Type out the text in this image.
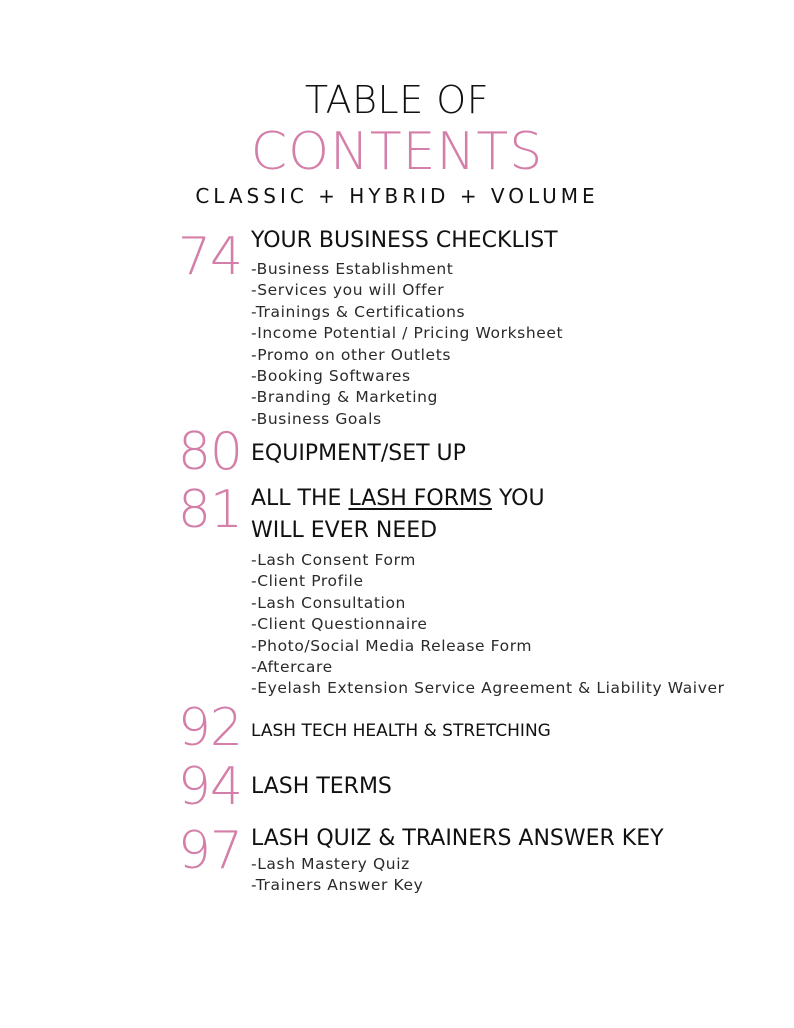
TABLE OF
CONTENTS
CLASSIC + HYBRID + VOLUME
74 YOUR BUSINESS CHECKLIST
-Business Establishment
-Services you will Offer
-Trainings & Certifications
-Income Potential / Pricing Worksheet
-Promo on other Outlets
-Booking Softwares
-Branding & Marketing
-Business Goals
80 EQUIPMENT/SET UP
81 ALL THE LASH FORMS YOU
WILL EVER NEED
-Lash Consent Form
-Client Profile
-Lash Consultation
-Client Questionnaire
-Photo/Social Media Release Form
-Aftercare
-Eyelash Extension Service Agreement & Liability Waiver
92 LASH TECH HEALTH & STRETCHING
94 LASH TERMS
97 LASH QUIZ & TRAINERS ANSWER KEY
-Lash Mastery Quiz
-Trainers Answer Key
